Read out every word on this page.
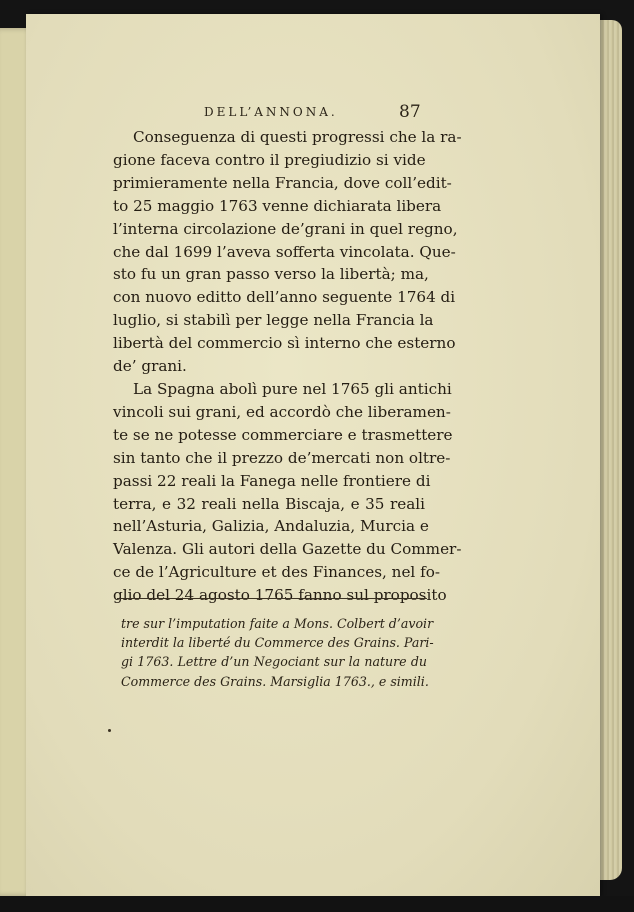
DELL’ANNONA.	87
Conseguenza di questi progressi che la ra-
gione faceva contro il pregiudizio si vide
primieramente nella Francia, dove coll’edit-
to 25 maggio 1763 venne dichiarata libera
l’interna circolazione de’grani in quel regno,
che dal 1699 l’aveva sofferta vincolata. Que-
sto fu un gran passo verso la libertà; ma,
con nuovo editto dell’anno seguente 1764 di
luglio, si stabilì per legge nella Francia la
libertà del commercio sì interno che esterno
de’ grani.
La Spagna abolì pure nel 1765 gli antichi
vincoli sui grani, ed accordò che liberamen-
te se ne potesse commerciare e trasmettere
sin tanto che il prezzo de’mercati non oltre-
passi 22 reali la Fanega nelle frontiere di
terra, e 32 reali nella Biscaja, e 35 reali
nell’Asturia, Galizia, Andaluzia, Murcia e
Valenza. Gli autori della Gazette du Commer-
ce de l’Agriculture et des Finances, nel fo-
glio del 24 agosto 1765 fanno sul proposito
tre sur l’imputation faite a Mons. Colbert d’avoir
interdit la liberté du Commerce des Grains. Pari-
gi 1763. Lettre d’un Negociant sur la nature du
Commerce des Grains. Marsiglia 1763., e simili.
